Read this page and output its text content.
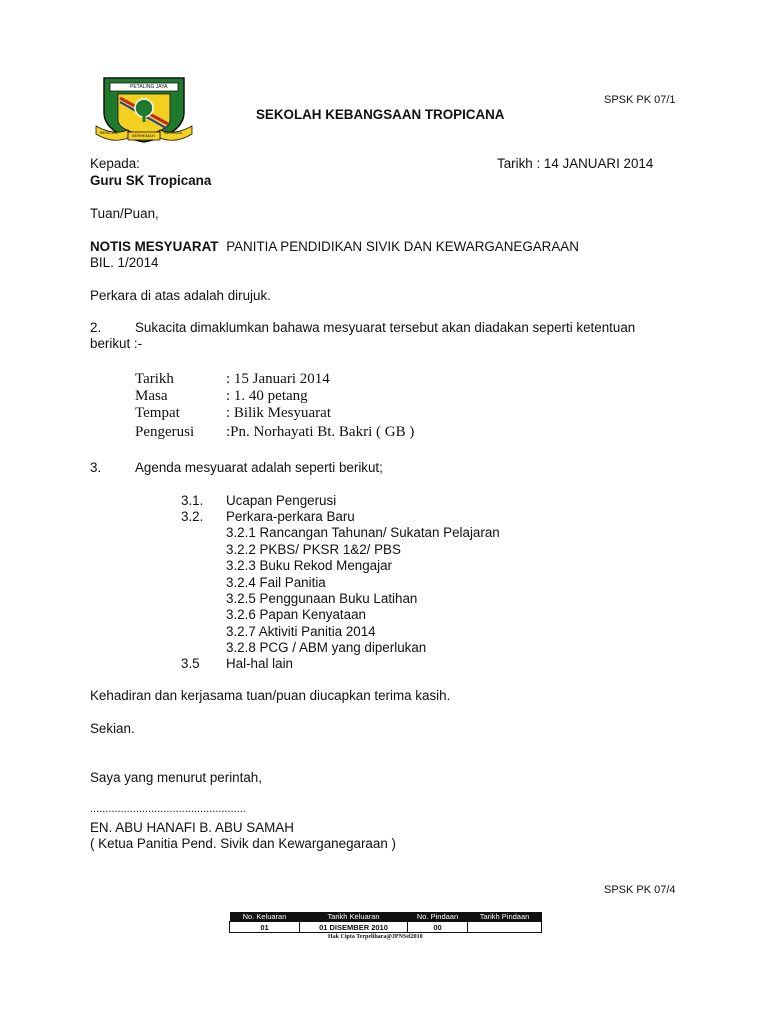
PETALING JAYA
BERILMU
BERHEMAH
BERJASA
SPSK PK 07/1
SEKOLAH KEBANGSAAN TROPICANA
Kepada:	Tarikh : 14 JANUARI 2014
Guru SK Tropicana
Tuan/Puan,
NOTIS MESYUARAT PANITIA PENDIDIKAN SIVIK DAN KEWARGANEGARAAN
BIL. 1/2014
Perkara di atas adalah dirujuk.
2.	Sukacita dimaklumkan bahawa mesyuarat tersebut akan diadakan seperti ketentuan
berikut :-
Tarikh	: 15 Januari 2014
Masa	: 1. 40 petang
Tempat	: Bilik Mesyuarat
Pengerusi :Pn. Norhayati Bt. Bakri ( GB )
3.	Agenda mesyuarat adalah seperti berikut;
3.1. Ucapan Pengerusi
3.2. Perkara-perkara Baru
3.2.1 Rancangan Tahunan/ Sukatan Pelajaran
3.2.2 PKBS/ PKSR 1&2/ PBS
3.2.3 Buku Rekod Mengajar
3.2.4 Fail Panitia
3.2.5 Penggunaan Buku Latihan
3.2.6 Papan Kenyataan
3.2.7 Aktiviti Panitia 2014
3.2.8 PCG / ABM yang diperlukan
3.5 Hal-hal lain
Kehadiran dan kerjasama tuan/puan diucapkan terima kasih.
Sekian.
Saya yang menurut perintah,
...................................................
EN. ABU HANAFI B. ABU SAMAH
( Ketua Panitia Pend. Sivik dan Kewarganegaraan )
SPSK PK 07/4
No. Keluaran	Tarikh Keluaran	No. Pindaan	Tarikh Pindaan
01	01 DISEMBER 2010	00	
Hak Cipta Terpelihara@JPNSel2010
